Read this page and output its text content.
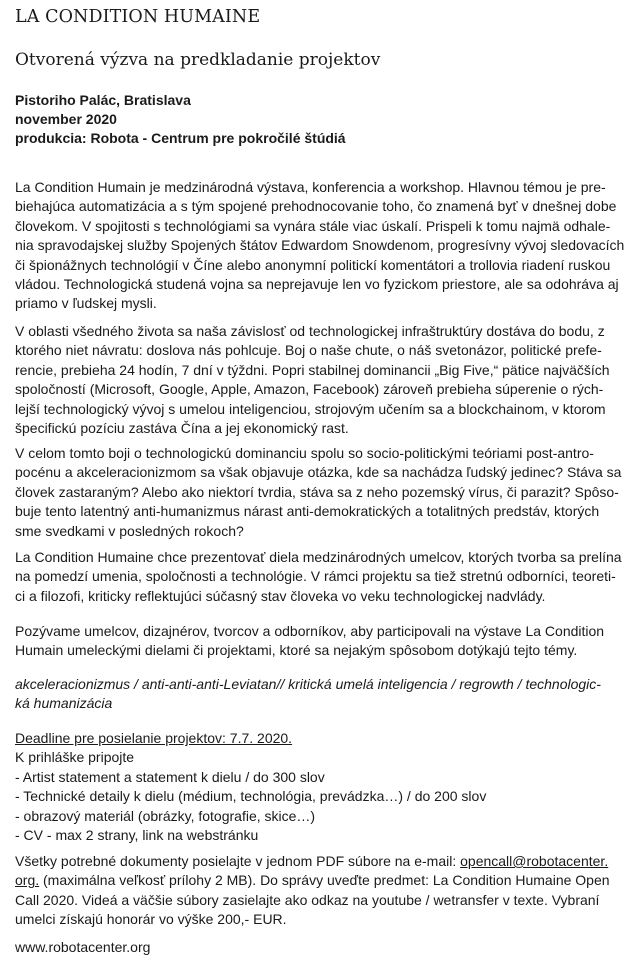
LA CONDITION HUMAINE
Otvorená výzva na predkladanie projektov
Pistoriho Palác, Bratislava
november 2020
produkcia: Robota - Centrum pre pokročilé štúdiá
La Condition Humain je medzinárodná výstava, konferencia a workshop. Hlavnou témou je pre-
biehajúca automatizácia a s tým spojené prehodnocovanie toho, čo znamená byť v dnešnej dobe
človekom. V spojitosti s technológiami sa vynára stále viac úskalí. Prispeli k tomu najmä odhale-
nia spravodajskej služby Spojených štátov Edwardom Snowdenom, progresívny vývoj sledovacích
či špionážnych technológií v Číne alebo anonymní politickí komentátori a trollovia riadení ruskou
vládou. Technologická studená vojna sa neprejavuje len vo fyzickom priestore, ale sa odohráva aj
priamo v ľudskej mysli.
V oblasti všedného života sa naša závislosť od technologickej infraštruktúry dostáva do bodu, z
ktorého niet návratu: doslova nás pohlcuje. Boj o naše chute, o náš svetonázor, politické prefe-
rencie, prebieha 24 hodín, 7 dní v týždni. Popri stabilnej dominancii „Big Five,“ pätice najväčších
spoločností (Microsoft, Google, Apple, Amazon, Facebook) zároveň prebieha súperenie o rých-
lejší technologický vývoj s umelou inteligenciou, strojovým učením sa a blockchainom, v ktorom
špecifickú pozíciu zastáva Čína a jej ekonomický rast.
V celom tomto boji o technologickú dominanciu spolu so socio-politickými teóriami post-antro-
pocénu a akceleracionizmom sa však objavuje otázka, kde sa nachádza ľudský jedinec? Stáva sa
človek zastaraným? Alebo ako niektorí tvrdia, stáva sa z neho pozemský vírus, či parazit? Spôso-
buje tento latentný anti-humanizmus nárast anti-demokratických a totalitných predstáv, ktorých
sme svedkami v posledných rokoch?
La Condition Humaine chce prezentovať diela medzinárodných umelcov, ktorých tvorba sa prelína
na pomedzí umenia, spoločnosti a technológie. V rámci projektu sa tiež stretnú odborníci, teoreti-
ci a filozofi, kriticky reflektujúci súčasný stav človeka vo veku technologickej nadvlády.
Pozývame umelcov, dizajnérov, tvorcov a odborníkov, aby participovali na výstave La Condition
Humain umeleckými dielami či projektami, ktoré sa nejakým spôsobom dotýkajú tejto témy.
akceleracionizmus / anti-anti-anti-Leviatan// kritická umelá inteligencia / regrowth / technologic-
ká humanizácia
Deadline pre posielanie projektov: 7.7. 2020.
K prihláške pripojte
- Artist statement a statement k dielu / do 300 slov
- Technické detaily k dielu (médium, technológia, prevádzka…) / do 200 slov
- obrazový materiál (obrázky, fotografie, skice…)
- CV - max 2 strany, link na webstránku
Všetky potrebné dokumenty posielajte v jednom PDF súbore na e-mail: opencall@robotacenter.
org. (maximálna veľkosť prílohy 2 MB). Do správy uveďte predmet: La Condition Humaine Open
Call 2020. Videá a väčšie súbory zasielajte ako odkaz na youtube / wetransfer v texte. Vybraní
umelci získajú honorár vo výške 200,- EUR.
www.robotacenter.org
